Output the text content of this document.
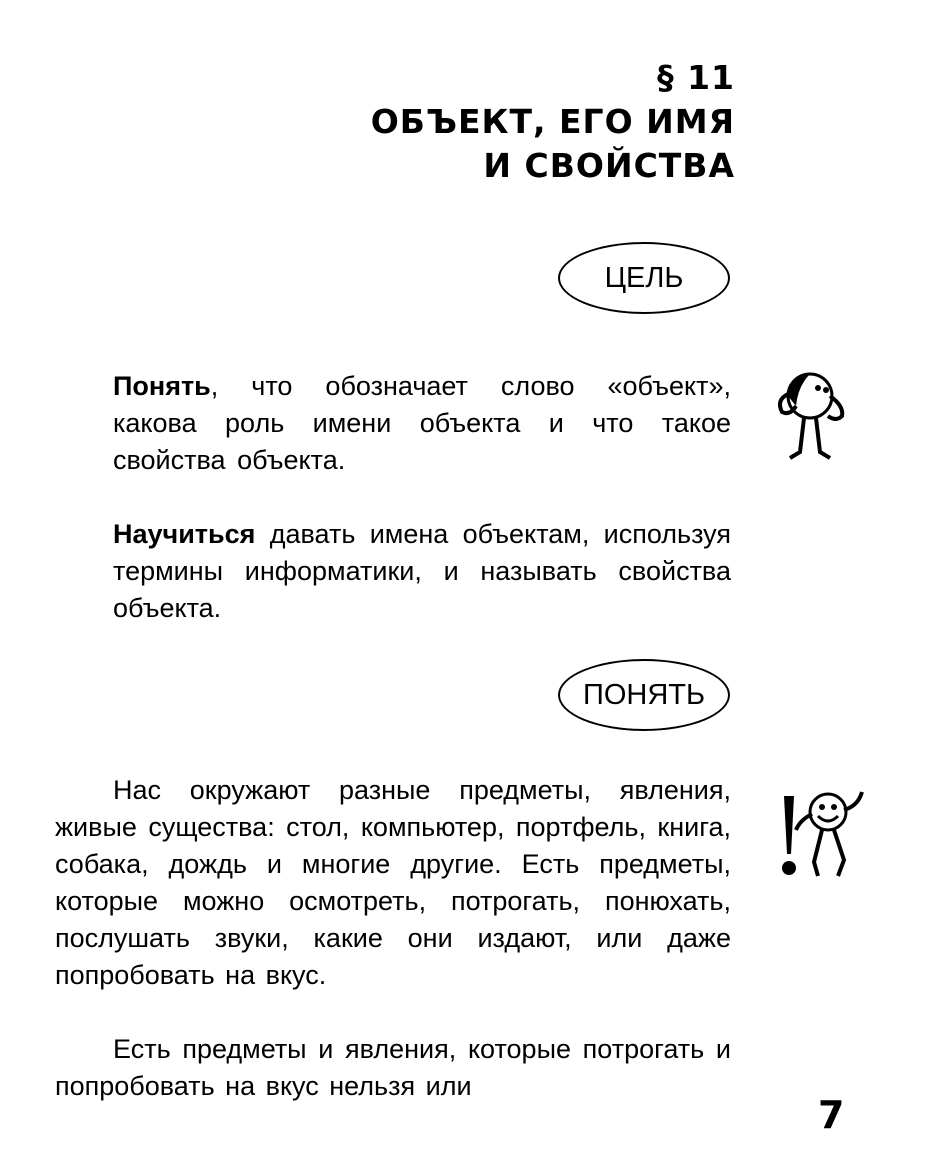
§ 11
ОБЪЕКТ, ЕГО ИМЯ
И СВОЙСТВА
ЦЕЛЬ
Понять, что обозначает слово «объект», какова роль имени объекта и что такое свойства объекта.
Научиться давать имена объектам, используя термины информатики, и называть свойства объекта.
ПОНЯТЬ
Нас окружают разные предметы, явления, живые существа: стол, компьютер, портфель, книга, собака, дождь и многие другие. Есть предметы, которые можно осмотреть, потрогать, понюхать, послушать звуки, какие они издают, или даже попробовать на вкус.
Есть предметы и явления, которые потрогать и попробовать на вкус нельзя или
7
